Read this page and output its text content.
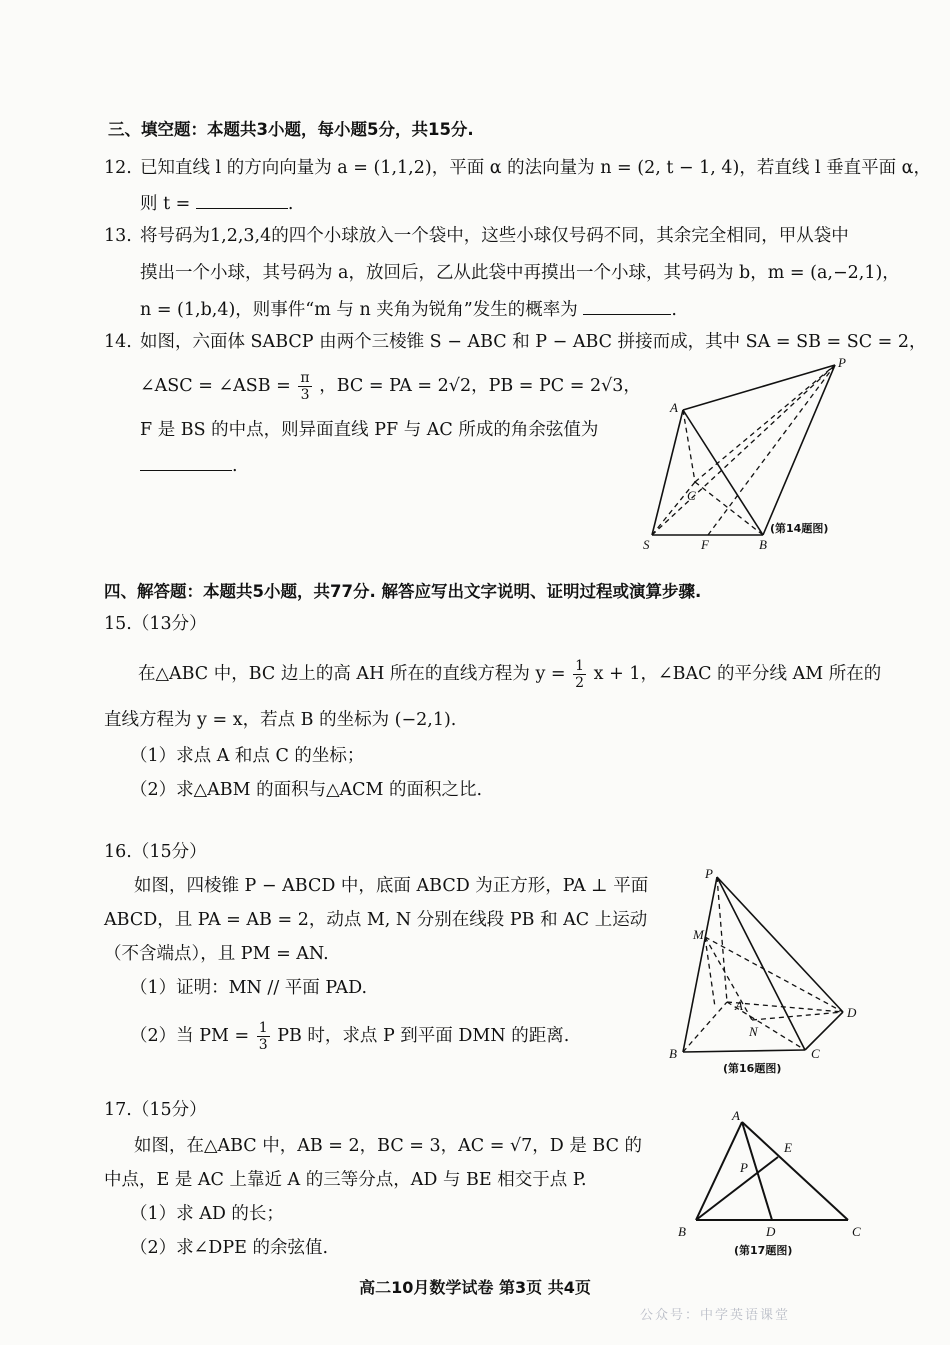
三、填空题：本题共3小题，每小题5分，共15分.
12. 已知直线 l 的方向向量为 a = (1,1,2)，平面 α 的法向量为 n = (2, t − 1, 4)，若直线 l 垂直平面 α，
则 t =	.
13. 将号码为1,2,3,4的四个小球放入一个袋中，这些小球仅号码不同，其余完全相同，甲从袋中
摸出一个小球，其号码为 a，放回后，乙从此袋中再摸出一个小球，其号码为 b，m = (a,−2,1)，
n = (1,b,4)，则事件“m 与 n 夹角为锐角”发生的概率为	.
14. 如图，六面体 SABCP 由两个三棱锥 S − ABC 和 P − ABC 拼接而成，其中 SA = SB = SC = 2，
∠ASC = ∠ASB = $\frac{\pi}{3}$ ，BC = PA = 2√2，PB = PC = 2√3，
F 是 BS 的中点，则异面直线 PF 与 AC 所成的角余弦值为
.
A
P
C
S	F	B
(第14题图)
四、解答题：本题共5小题，共77分. 解答应写出文字说明、证明过程或演算步骤.
15.（13分）
在△ABC 中，BC 边上的高 AH 所在的直线方程为 $y = \frac{1}{2}$ x + 1，∠BAC 的平分线 AM 所在的
直线方程为 y = x，若点 B 的坐标为 (−2,1).
（1）求点 A 和点 C 的坐标；
（2）求△ABM 的面积与△ACM 的面积之比.
16.（15分）
如图，四棱锥 P − ABCD 中，底面 ABCD 为正方形，PA ⊥ 平面
ABCD，且 PA = AB = 2，动点 M, N 分别在线段 PB 和 AC 上运动
（不含端点），且 PM = AN.
（1）证明：MN // 平面 PAD.
（2）当 PM = $\frac{1}{3}$ PB 时，求点 P 到平面 DMN 的距离.
P
M
A
N
D
B	C
(第16题图)
17.（15分）
如图，在△ABC 中，AB = 2，BC = 3，AC = √7，D 是 BC 的
中点，E 是 AC 上靠近 A 的三等分点，AD 与 BE 相交于点 P.
（1）求 AD 的长；
（2）求∠DPE 的余弦值.
A
E
P
B	D	C
(第17题图)
高二10月数学试卷 第3页 共4页
公众号：中学英语课堂
